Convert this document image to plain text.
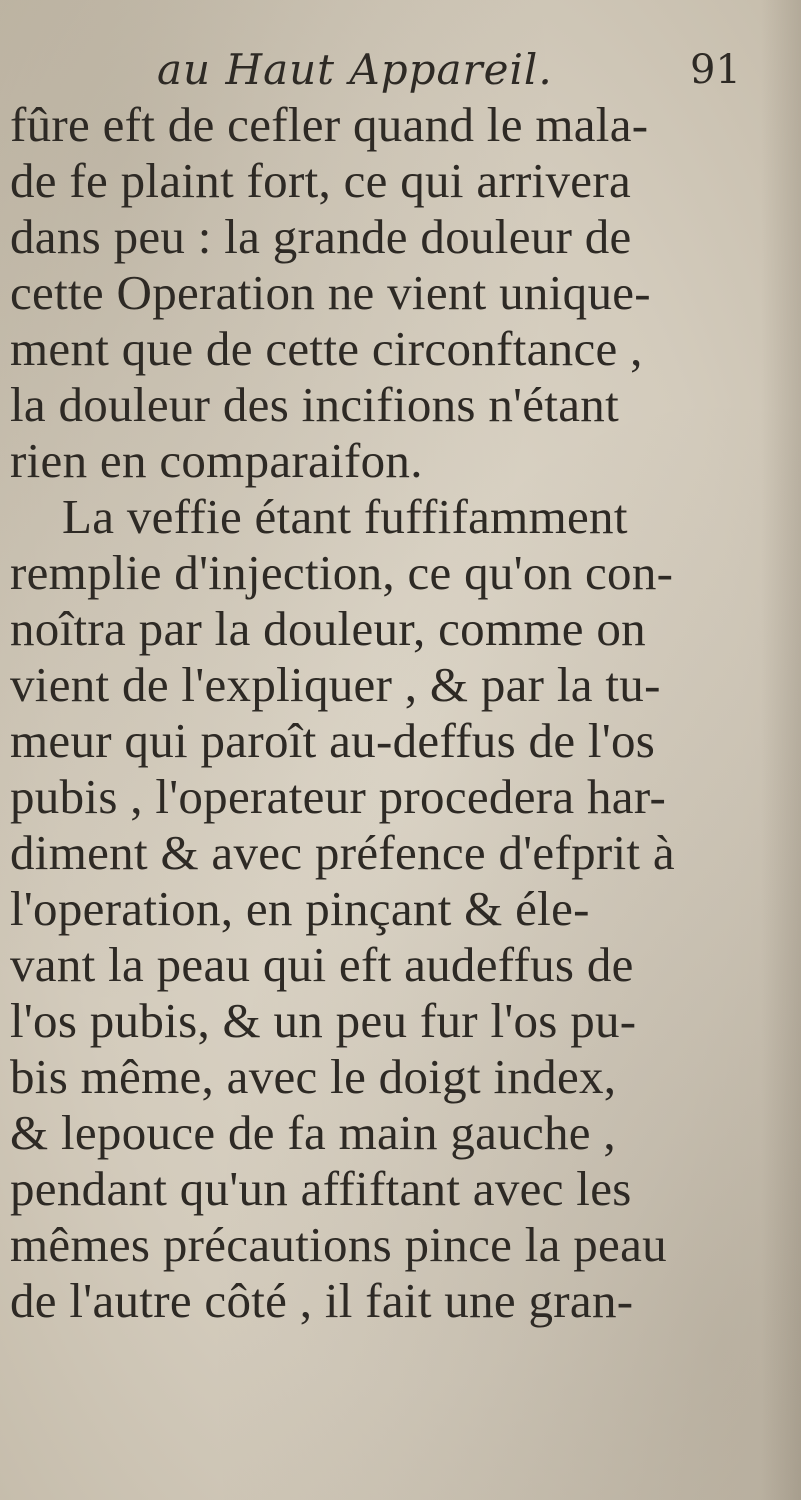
au Haut Appareil.	91
fûre eft de cefler quand le mala-
de fe plaint fort, ce qui arrivera
dans peu : la grande douleur de
cette Operation ne vient unique-
ment que de cette circonftance ,
la douleur des incifions n'étant
rien en comparaifon.
La veffie étant fuffifamment
remplie d'injection, ce qu'on con-
noîtra par la douleur, comme on
vient de l'expliquer , & par la tu-
meur qui paroît au-deffus de l'os
pubis , l'operateur procedera har-
diment & avec préfence d'efprit à
l'operation, en pinçant & éle-
vant la peau qui eft audeffus de
l'os pubis, & un peu fur l'os pu-
bis même, avec le doigt index,
& lepouce de fa main gauche ,
pendant qu'un affiftant avec les
mêmes précautions pince la peau
de l'autre côté , il fait une gran-
